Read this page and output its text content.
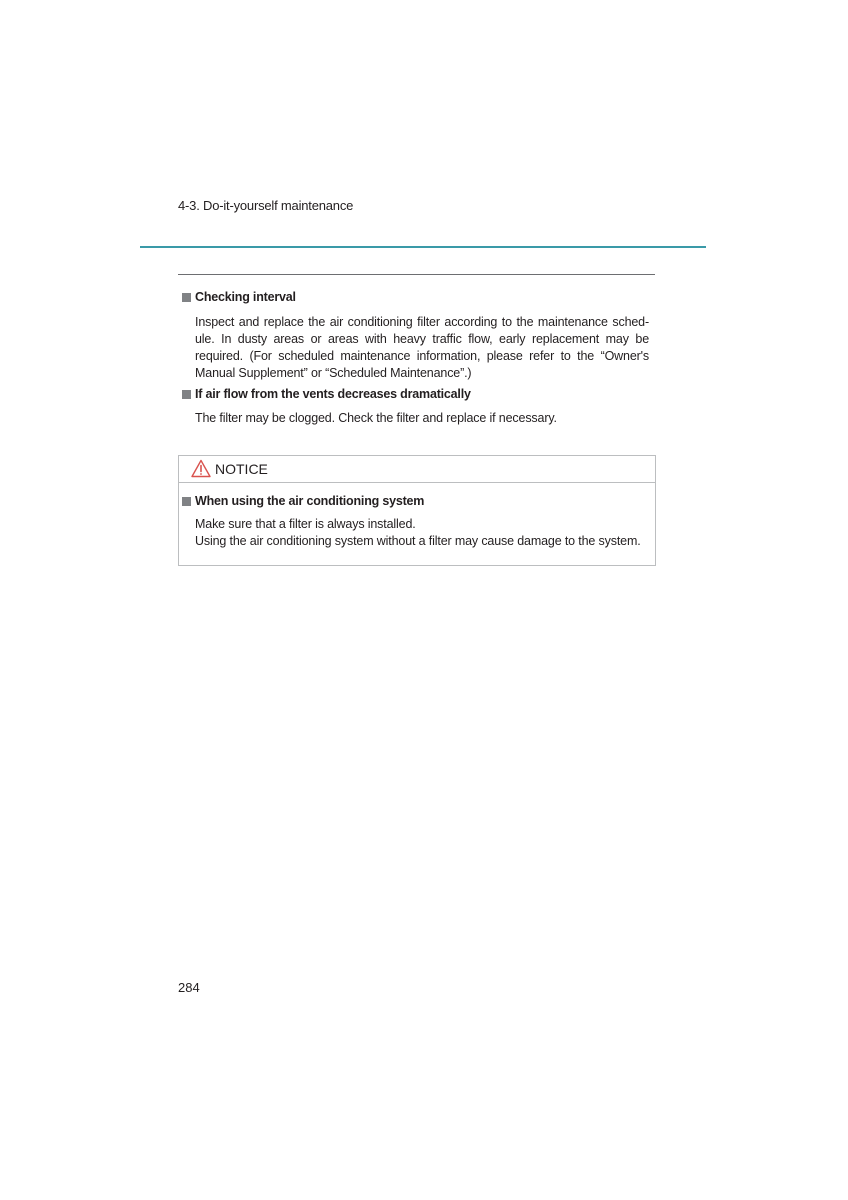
4-3. Do-it-yourself maintenance
Checking interval
Inspect and replace the air conditioning filter according to the maintenance sched-
ule. In dusty areas or areas with heavy traffic flow, early replacement may be
required. (For scheduled maintenance information, please refer to the “Owner's
Manual Supplement” or “Scheduled Maintenance”.)
If air flow from the vents decreases dramatically
The filter may be clogged. Check the filter and replace if necessary.
NOTICE
When using the air conditioning system
Make sure that a filter is always installed.
Using the air conditioning system without a filter may cause damage to the system.
284
